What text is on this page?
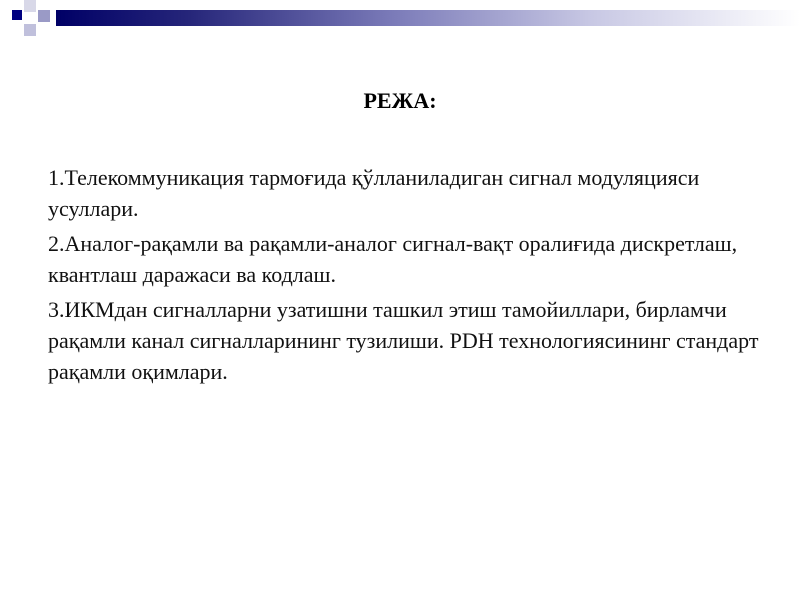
РЕЖА:

1.Телекоммуникация тармоғида қўлланиладиган сигнал модуляцияси усуллари.

2.Аналог-рақамли ва рақамли-аналог сигнал-вақт оралиғида дискретлаш, квантлаш даражаси ва кодлаш.

3.ИКМдан сигналларни узатишни ташкил этиш тамойиллари, бирламчи рақамли канал сигналларининг тузилиши. PDH технологиясининг стандарт рақамли оқимлари.
